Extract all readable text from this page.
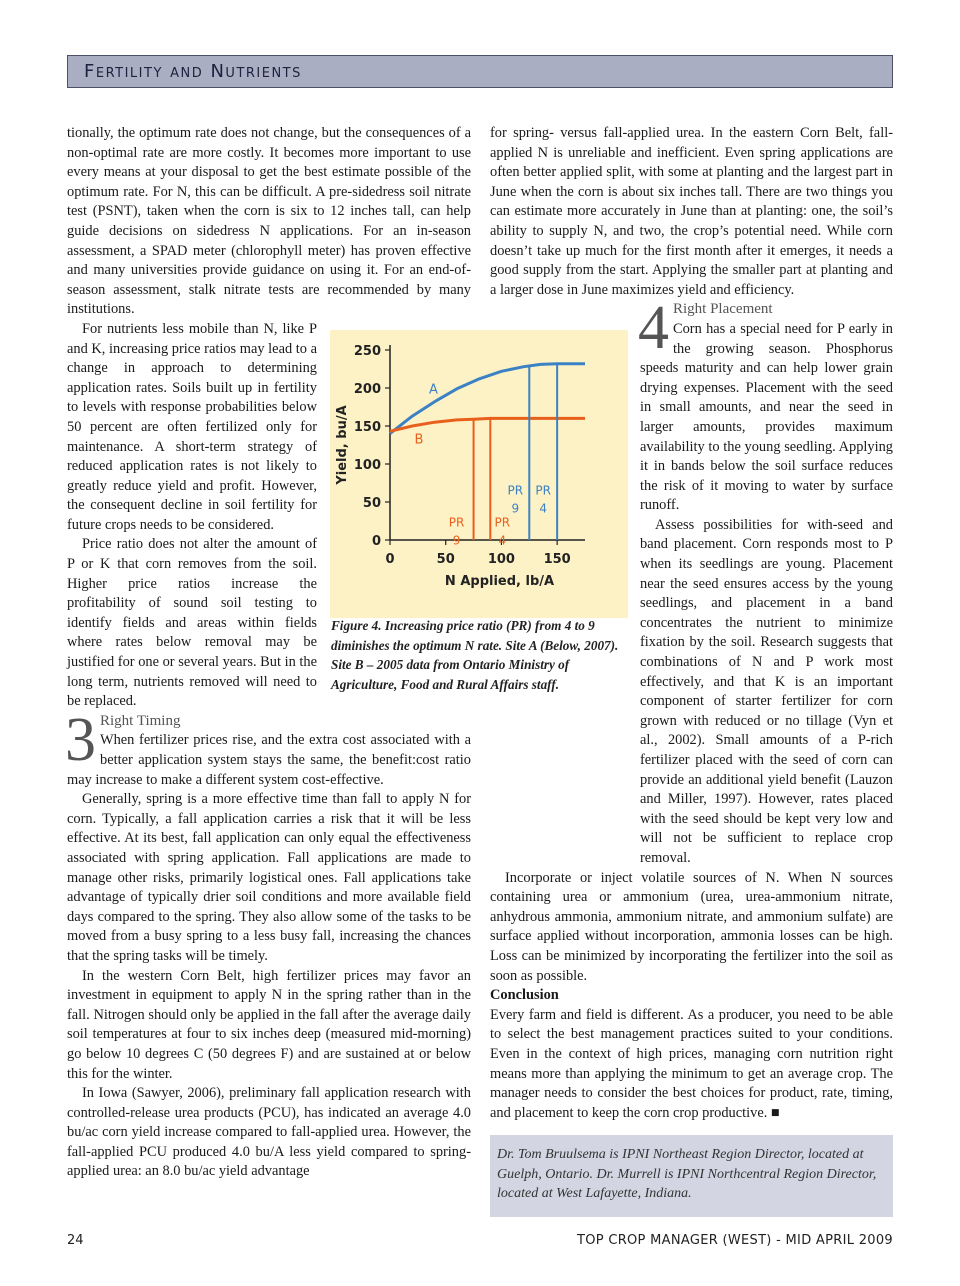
Fertility and Nutrients

tionally, the optimum rate does not change, but the consequences of a non-optimal rate are more costly. It becomes more important to use every means at your disposal to get the best estimate possible of the optimum rate. For N, this can be difficult. A pre-sidedress soil nitrate test (PSNT), taken when the corn is six to 12 inches tall, can help guide decisions on sidedress N applications. For an in-season assessment, a SPAD meter (chlorophyll meter) has proven effective and many universities provide guidance on using it. For an end-of-season assessment, stalk nitrate tests are recommended by many institutions.

For nutrients less mobile than N, like P and K, increasing price ratios may lead to a change in approach to determining application rates. Soils built up in fertility to levels with response probabilities below 50 percent are often fertilized only for maintenance. A short-term strategy of reduced application rates is not likely to greatly reduce yield and profit. However, the consequent decline in soil fertility for future crops needs to be considered.

Price ratio does not alter the amount of P or K that corn removes from the soil. Higher price ratios increase the profitability of sound soil testing to identify fields and areas within fields where rates below removal may be justified for one or several years. But in the long term, nutrients removed will need to be replaced.

3 Right Timing

When fertilizer prices rise, and the extra cost associated with a better application system stays the same, the benefit:cost ratio may increase to make a different system cost-effective.

Generally, spring is a more effective time than fall to apply N for corn. Typically, a fall application carries a risk that it will be less effective. At its best, fall application can only equal the effectiveness associated with spring application. Fall applications are made to manage other risks, primarily logistical ones. Fall applications take advantage of typically drier soil conditions and more available field days compared to the spring. They also allow some of the tasks to be moved from a busy spring to a less busy fall, increasing the chances that the spring tasks will be timely.

In the western Corn Belt, high fertilizer prices may favor an investment in equipment to apply N in the spring rather than in the fall. Nitrogen should only be applied in the fall after the average daily soil temperatures at four to six inches deep (measured mid-morning) go below 10 degrees C (50 degrees F) and are sustained at or below this for the winter.

In Iowa (Sawyer, 2006), preliminary fall application research with controlled-release urea products (PCU), has indicated an average 4.0 bu/ac corn yield increase compared to fall-applied urea. However, the fall-applied PCU produced 4.0 bu/A less yield compared to spring-applied urea: an 8.0 bu/ac yield advantage

for spring- versus fall-applied urea. In the eastern Corn Belt, fall-applied N is unreliable and inefficient. Even spring applications are often better applied split, with some at planting and the largest part in June when the corn is about six inches tall. There are two things you can estimate more accurately in June than at planting: one, the soil’s ability to supply N, and two, the crop’s potential need. While corn doesn’t take up much for the first month after it emerges, it needs a good supply from the start. Applying the smaller part at planting and a larger dose in June maximizes yield and efficiency.

4 Right Placement

Corn has a special need for P early in the growing season. Phosphorus speeds maturity and can help lower grain drying expenses. Placement with the seed in small amounts, and near the seed in larger amounts, provides maximum availability to the young seedling. Applying it in bands below the soil surface reduces the risk of it moving to water by surface runoff.

Assess possibilities for with-seed and band placement. Corn responds most to P when its seedlings are young. Placement near the seed ensures access by the young seedlings, and placement in a band concentrates the nutrient to minimize fixation by the soil. Research suggests that combinations of N and P work most effectively, and that K is an important component of starter fertilizer for corn grown with reduced or no tillage (Vyn et al., 2002). Small amounts of a P-rich fertilizer placed with the seed of corn can provide an additional yield benefit (Lauzon and Miller, 1997). However, rates placed with the seed should be kept very low and will not be sufficient to replace crop removal.

Incorporate or inject volatile sources of N. When N sources containing urea or ammonium (urea, urea-ammonium nitrate, anhydrous ammonia, ammonium nitrate, and ammonium sulfate) are surface applied without incorporation, ammonia losses can be high. Loss can be minimized by incorporating the fertilizer into the soil as soon as possible.

Conclusion

Every farm and field is different. As a producer, you need to be able to select the best management practices suited to your conditions. Even in the context of high prices, managing corn nutrition right means more than applying the minimum to get an average crop. The manager needs to consider the best choices for product, rate, timing, and placement to keep the corn crop productive. ■

0
50
100
150
200
250
0	50	100 150
N Applied, lb/A
Yield, bu/A
A
B
PR
9
PR
4
PR
9
PR
4
Figure 4. Increasing price ratio (PR) from 4 to 9 diminishes the optimum N rate. Site A (Below, 2007). Site B – 2005 data from Ontario Ministry of Agriculture, Food and Rural Affairs staff.
Dr. Tom Bruulsema is IPNI Northeast Region Director, located at Guelph, Ontario. Dr. Murrell is IPNI Northcentral Region Director, located at West Lafayette, Indiana.
24	TOP CROP MANAGER (WEST) - MID APRIL 2009
